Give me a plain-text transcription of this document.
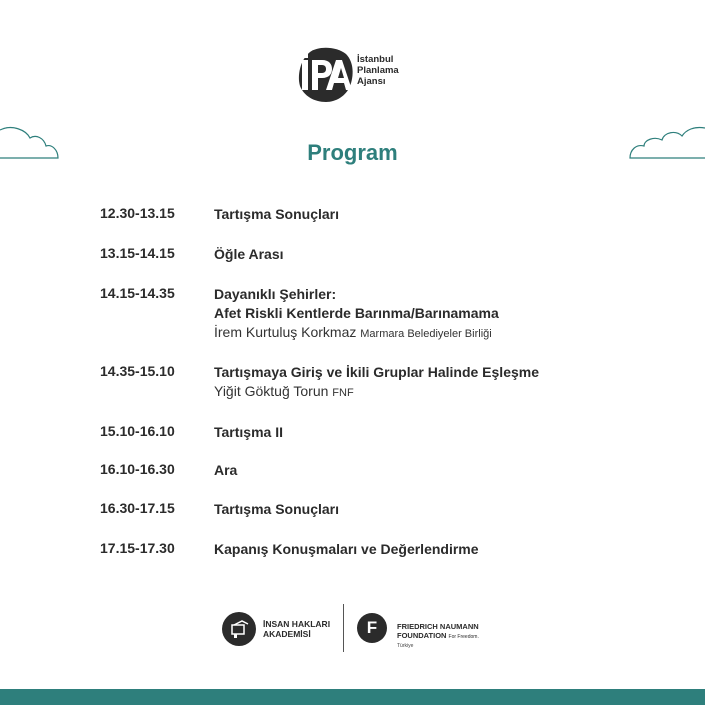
İstanbul
Planlama
Ajansı
Program
12.30-13.15	Tartışma Sonuçları
13.15-14.15	Öğle Arası
14.15-14.35	Dayanıklı Şehirler:
Afet Riskli Kentlerde Barınma/Barınamama
İrem Kurtuluş Korkmaz Marmara Belediyeler Birliği
14.35-15.10	Tartışmaya Giriş ve İkili Gruplar Halinde Eşleşme
Yiğit Göktuğ Torun FNF
15.10-16.10	Tartışma II
16.10-16.30	Ara
16.30-17.15	Tartışma Sonuçları
17.15-17.30	Kapanış Konuşmaları ve Değerlendirme
İNSAN HAKLARI
AKADEMİSİ	F	FRIEDRICH NAUMANN
FOUNDATION For Freedom.
Türkiye
